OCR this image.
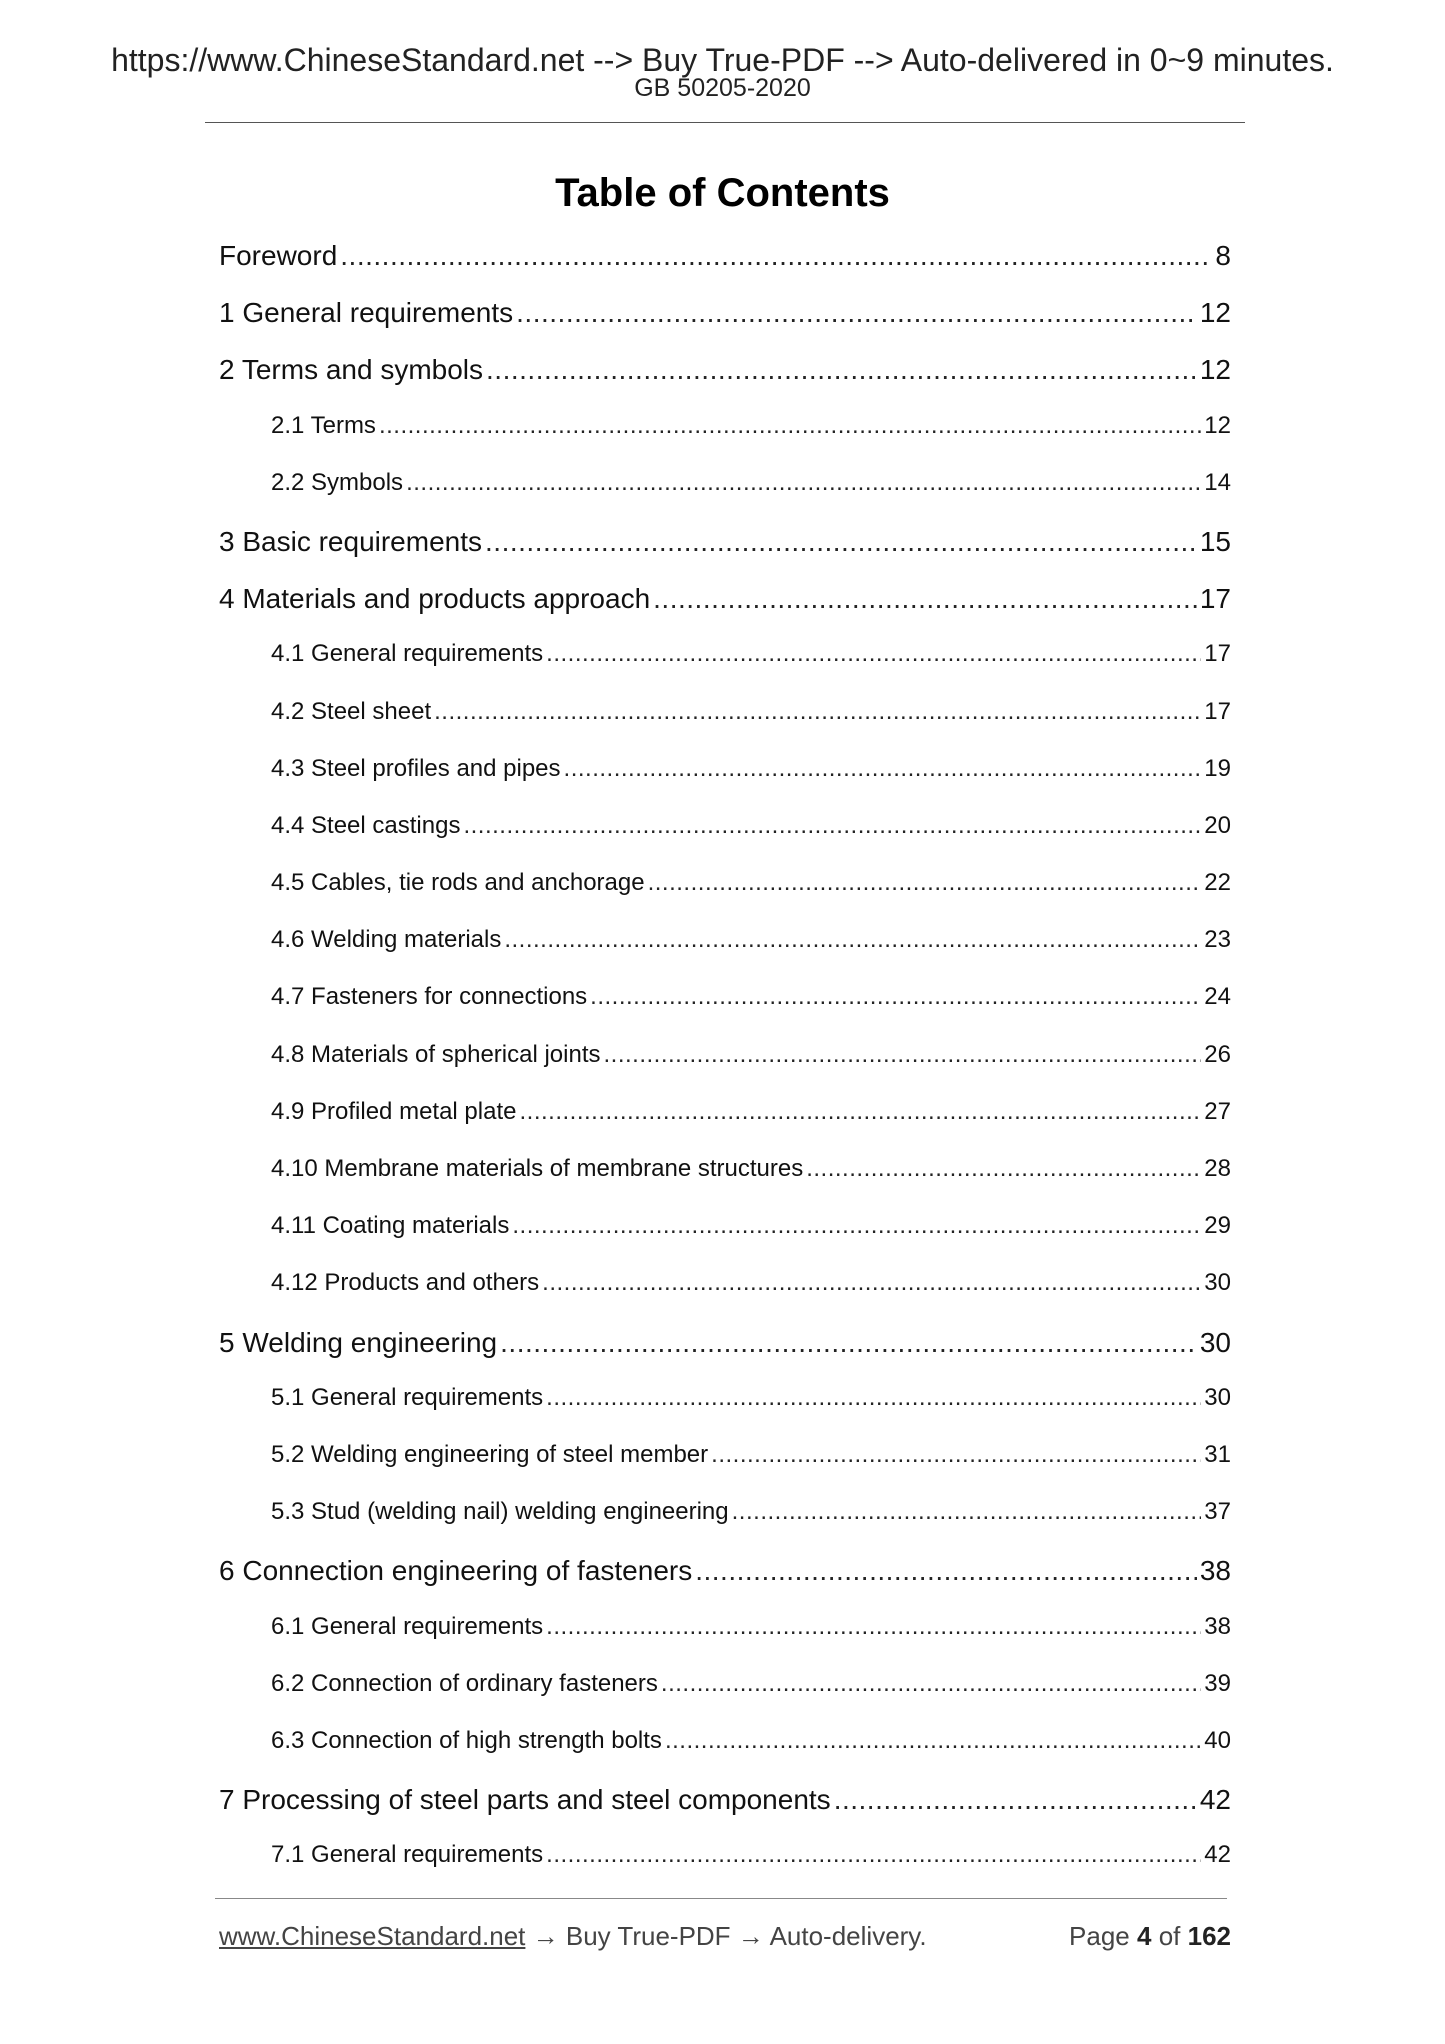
https://www.ChineseStandard.net --> Buy True-PDF --> Auto-delivered in 0~9 minutes.
GB 50205-2020
Table of Contents
Foreword .....	8
1 General requirements .....	12
2 Terms and symbols .....	12
2.1 Terms .....	12
2.2 Symbols .....	14
3 Basic requirements .....	15
4 Materials and products approach .....	17
4.1 General requirements .....	17
4.2 Steel sheet .....	17
4.3 Steel profiles and pipes .....	19
4.4 Steel castings .....	20
4.5 Cables, tie rods and anchorage .....	22
4.6 Welding materials .....	23
4.7 Fasteners for connections .....	24
4.8 Materials of spherical joints .....	26
4.9 Profiled metal plate .....	27
4.10 Membrane materials of membrane structures .....	28
4.11 Coating materials .....	29
4.12 Products and others .....	30
5 Welding engineering .....	30
5.1 General requirements .....	30
5.2 Welding engineering of steel member .....	31
5.3 Stud (welding nail) welding engineering .....	37
6 Connection engineering of fasteners .....	38
6.1 General requirements .....	38
6.2 Connection of ordinary fasteners .....	39
6.3 Connection of high strength bolts .....	40
7 Processing of steel parts and steel components .....	42
7.1 General requirements .....	42
www.ChineseStandard.net → Buy True-PDF → Auto-delivery.	Page 4 of 162
